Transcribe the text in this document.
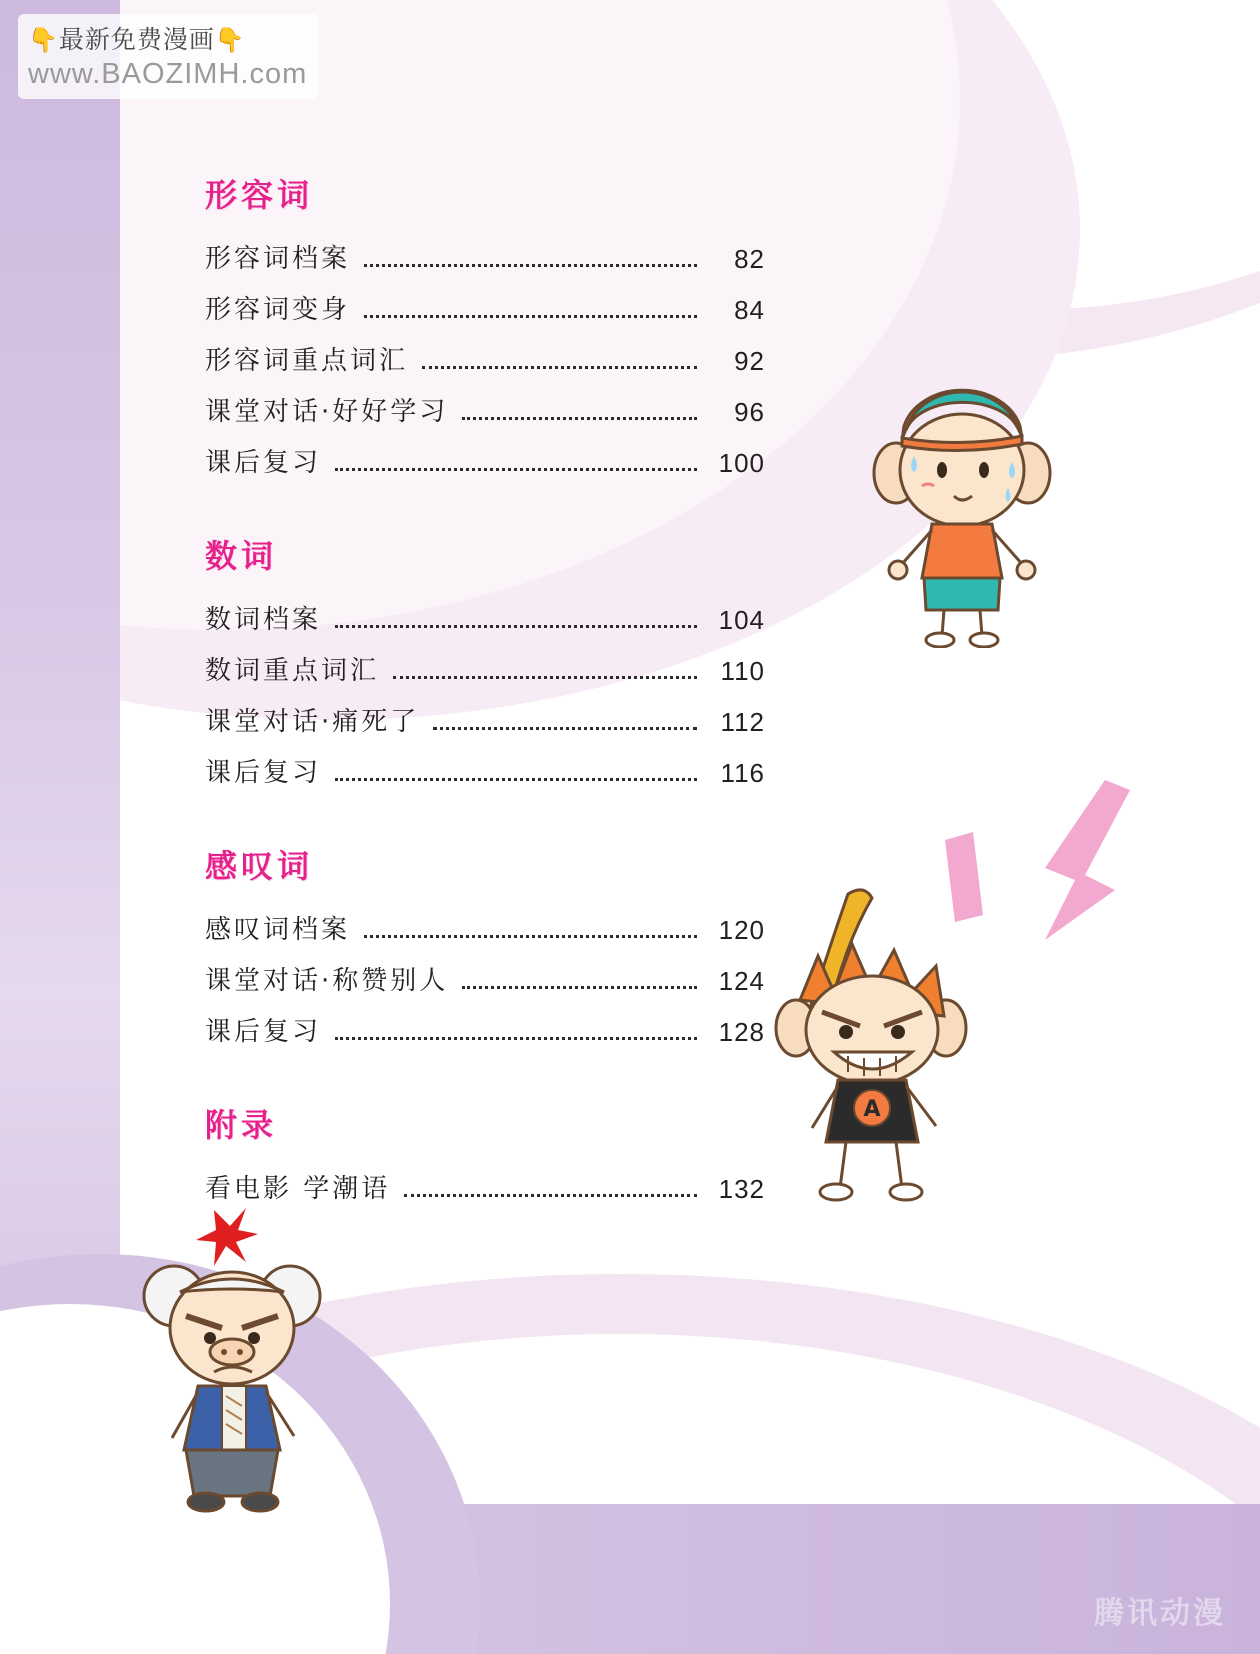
👇最新免费漫画👇
www.BAOZIMH.com
A
形容词
形容词档案	82
形容词变身	84
形容词重点词汇	92
课堂对话·好好学习	96
课后复习	100
数词
数词档案	104
数词重点词汇	110
课堂对话·痛死了	112
课后复习	116
感叹词
感叹词档案	120
课堂对话·称赞别人	124
课后复习	128
附录
看电影 学潮语	132
腾讯动漫
